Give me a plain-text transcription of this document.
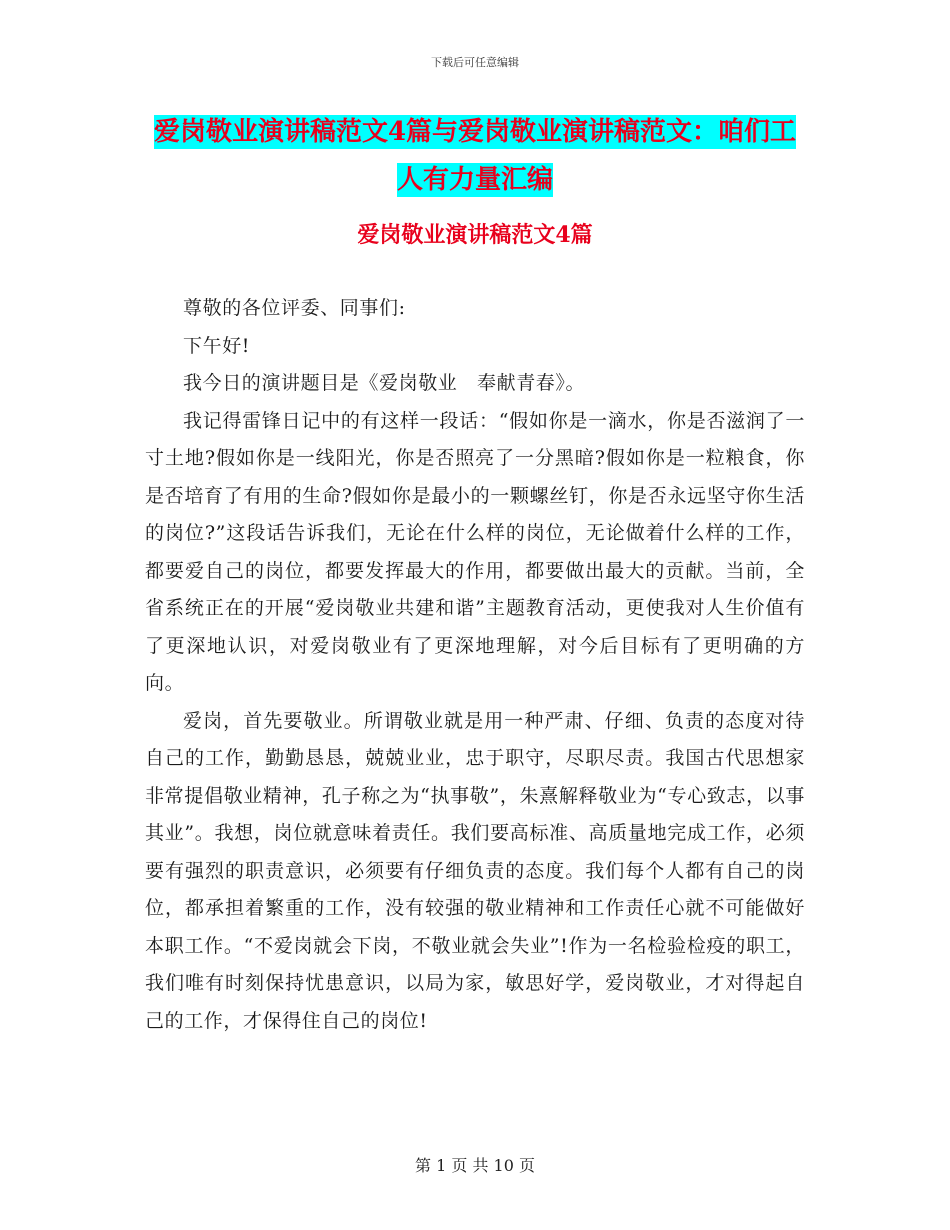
下载后可任意编辑
爱岗敬业演讲稿范文4篇与爱岗敬业演讲稿范文：咱们工人有力量汇编
爱岗敬业演讲稿范文4篇

尊敬的各位评委、同事们:

下午好!

我今日的演讲题目是《爱岗敬业　奉献青春》。

我记得雷锋日记中的有这样一段话：“假如你是一滴水，你是否滋润了一寸土地?假如你是一线阳光，你是否照亮了一分黑暗?假如你是一粒粮食，你是否培育了有用的生命?假如你是最小的一颗螺丝钉，你是否永远坚守你生活的岗位?”这段话告诉我们，无论在什么样的岗位，无论做着什么样的工作，都要爱自己的岗位，都要发挥最大的作用，都要做出最大的贡献。当前，全省系统正在的开展“爱岗敬业共建和谐”主题教育活动，更使我对人生价值有了更深地认识，对爱岗敬业有了更深地理解，对今后目标有了更明确的方向。

爱岗，首先要敬业。所谓敬业就是用一种严肃、仔细、负责的态度对待自己的工作，勤勤恳恳，兢兢业业，忠于职守，尽职尽责。我国古代思想家非常提倡敬业精神，孔子称之为“执事敬”，朱熹解释敬业为“专心致志，以事其业”。我想，岗位就意味着责任。我们要高标准、高质量地完成工作，必须要有强烈的职责意识，必须要有仔细负责的态度。我们每个人都有自己的岗位，都承担着繁重的工作，没有较强的敬业精神和工作责任心就不可能做好本职工作。“不爱岗就会下岗，不敬业就会失业”!作为一名检验检疫的职工，我们唯有时刻保持忧患意识，以局为家，敏思好学，爱岗敬业，才对得起自己的工作，才保得住自己的岗位!

第 1 页 共 10 页
